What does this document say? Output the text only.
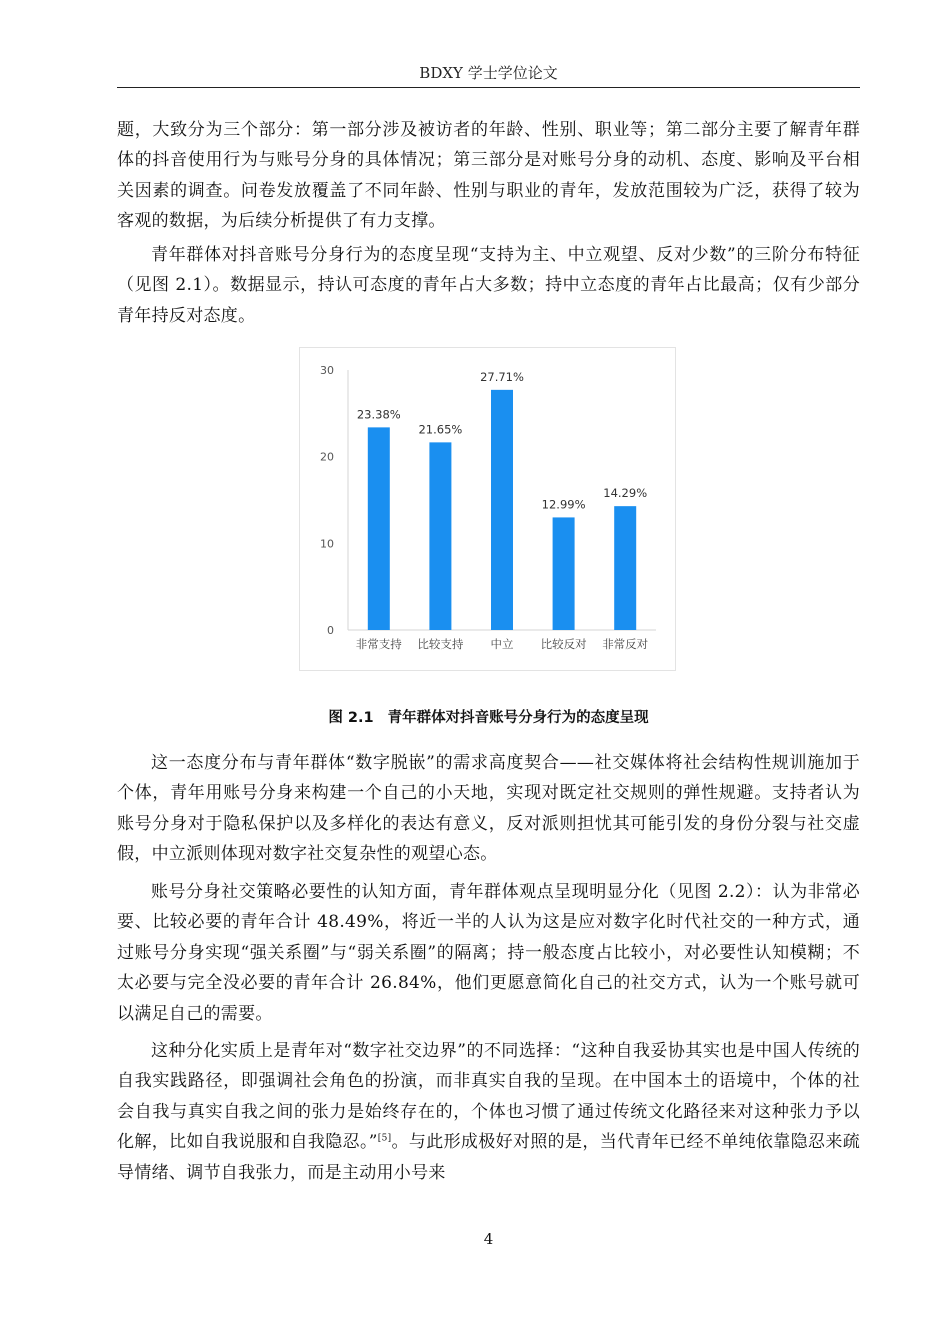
BDXY 学士学位论文

题，大致分为三个部分：第一部分涉及被访者的年龄、性别、职业等；第二部分主要了解青年群体的抖音使用行为与账号分身的具体情况；第三部分是对账号分身的动机、态度、影响及平台相关因素的调查。问卷发放覆盖了不同年龄、性别与职业的青年，发放范围较为广泛，获得了较为客观的数据，为后续分析提供了有力支撑。

青年群体对抖音账号分身行为的态度呈现“支持为主、中立观望、反对少数”的三阶分布特征（见图 2.1）。数据显示，持认可态度的青年占大多数；持中立态度的青年占比最高；仅有少部分青年持反对态度。

0
10
20
30
23.38%
21.65%
27.71%
12.99%
14.29%
非常支持 比较支持 中立 比较反对 非常反对
图 2.1 青年群体对抖音账号分身行为的态度呈现

这一态度分布与青年群体“数字脱嵌”的需求高度契合——社交媒体将社会结构性规训施加于个体，青年用账号分身来构建一个自己的小天地，实现对既定社交规则的弹性规避。支持者认为账号分身对于隐私保护以及多样化的表达有意义，反对派则担忧其可能引发的身份分裂与社交虚假，中立派则体现对数字社交复杂性的观望心态。

账号分身社交策略必要性的认知方面，青年群体观点呈现明显分化（见图 2.2）：认为非常必要、比较必要的青年合计 48.49%，将近一半的人认为这是应对数字化时代社交的一种方式，通过账号分身实现“强关系圈”与“弱关系圈”的隔离；持一般态度占比较小，对必要性认知模糊；不太必要与完全没必要的青年合计 26.84%，他们更愿意简化自己的社交方式，认为一个账号就可以满足自己的需要。

这种分化实质上是青年对“数字社交边界”的不同选择：“这种自我妥协其实也是中国人传统的自我实践路径，即强调社会角色的扮演，而非真实自我的呈现。在中国本土的语境中，个体的社会自我与真实自我之间的张力是始终存在的，个体也习惯了通过传统文化路径来对这种张力予以化解，比如自我说服和自我隐忍。”[5]。与此形成极好对照的是，当代青年已经不单纯依靠隐忍来疏导情绪、调节自我张力，而是主动用小号来

4
